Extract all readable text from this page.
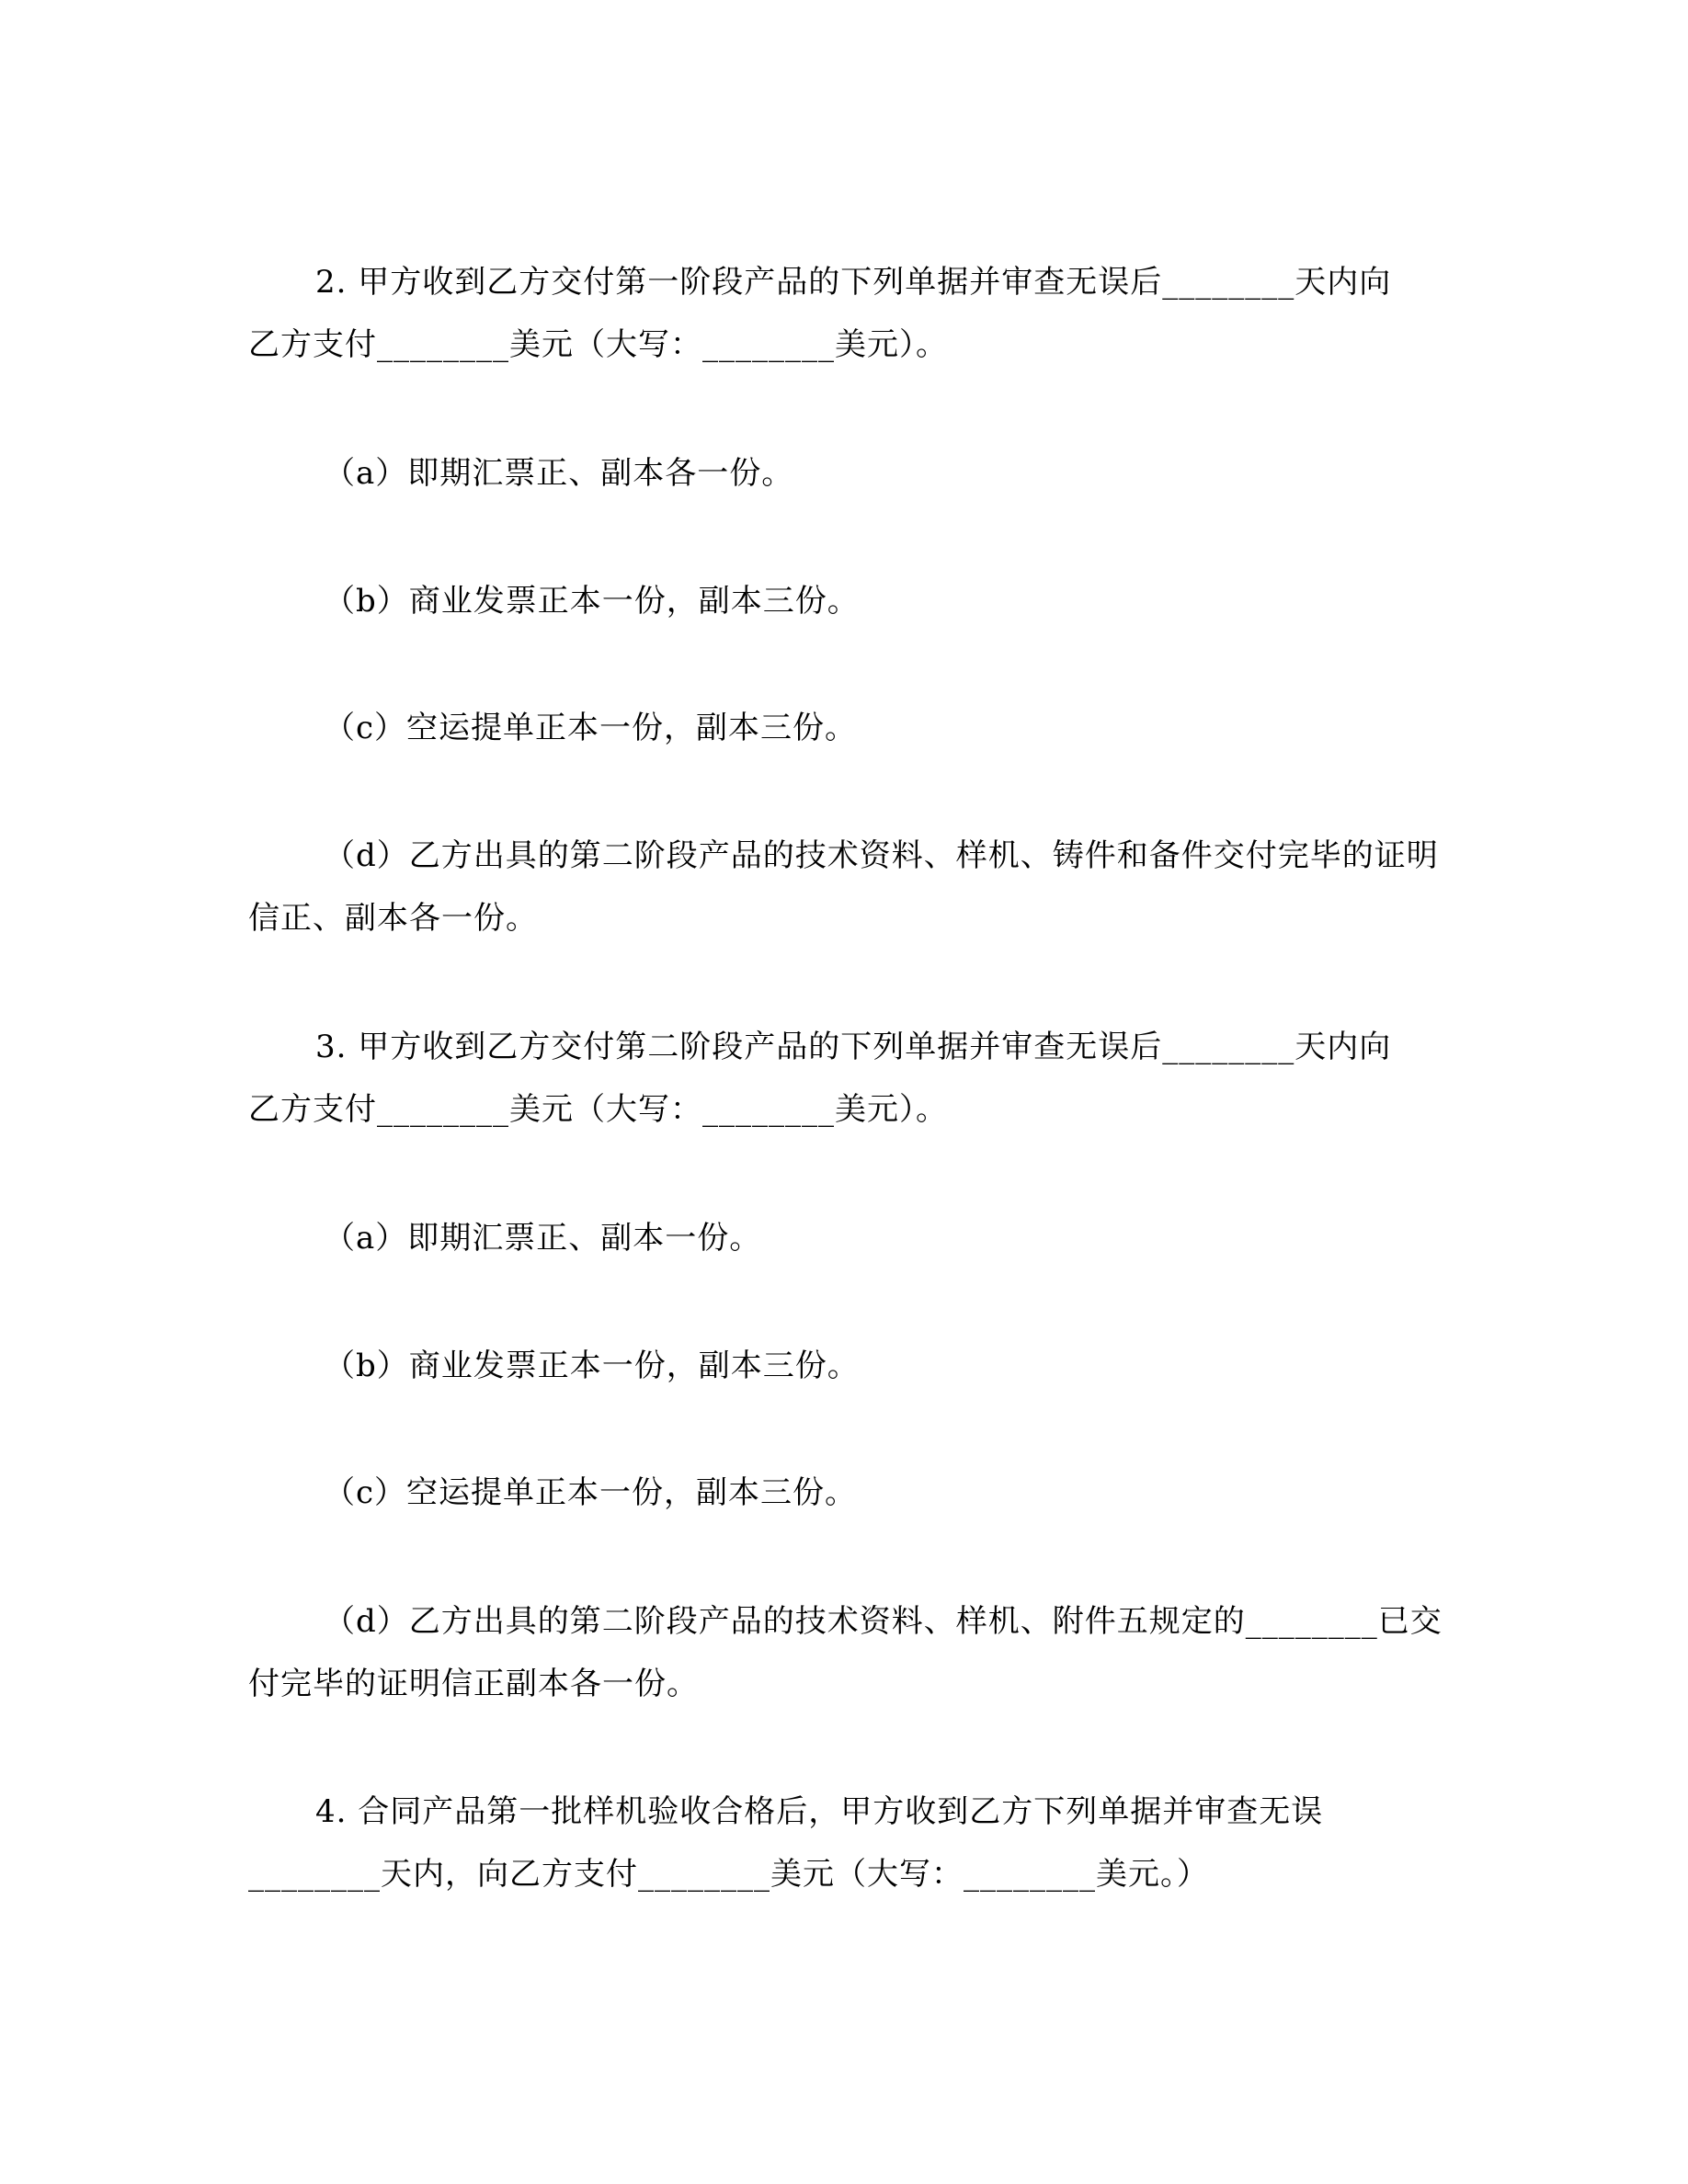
2. 甲方收到乙方交付第一阶段产品的下列单据并审查无误后________天内向
乙方支付________美元（大写：________美元）。
（a）即期汇票正、副本各一份。
（b）商业发票正本一份，副本三份。
（c）空运提单正本一份，副本三份。
（d）乙方出具的第二阶段产品的技术资料、样机、铸件和备件交付完毕的证明
信正、副本各一份。
3. 甲方收到乙方交付第二阶段产品的下列单据并审查无误后________天内向
乙方支付________美元（大写：________美元）。
（a）即期汇票正、副本一份。
（b）商业发票正本一份，副本三份。
（c）空运提单正本一份，副本三份。
（d）乙方出具的第二阶段产品的技术资料、样机、附件五规定的________已交
付完毕的证明信正副本各一份。
4. 合同产品第一批样机验收合格后，甲方收到乙方下列单据并审查无误
________天内，向乙方支付________美元（大写：________美元。）
